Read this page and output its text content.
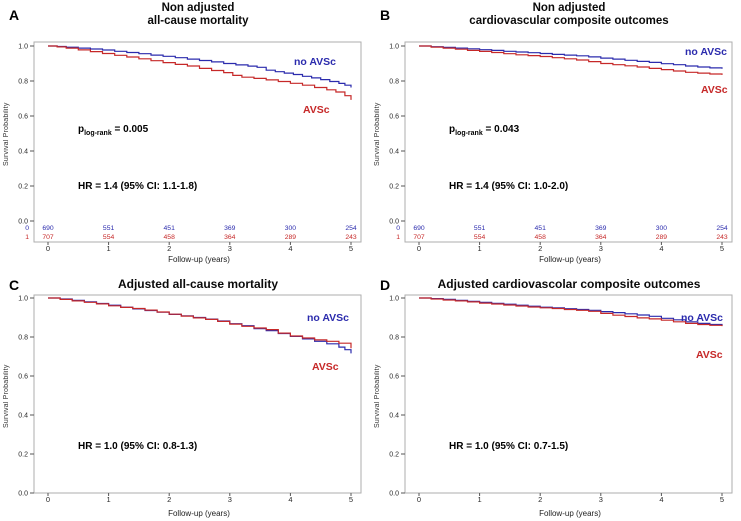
A	Non adjusted
all-cause mortality
Survival Probability
1.0
0.8
0.6
0.4
0.2
0.0
0	1	2	3	4	5
0 690	551	451	369	300	254
1 707	554	458	364	289	243
$p_{log-rank} = 0.005$
HR = 1.4 (95% CI: 1.1-1.8)
no AVSc
AVSc
Follow-up (years)
B	Non adjusted
cardiovascular composite outcomes
Survival Probability
1.0
0.8
0.6
0.4
0.2
0.0
0	1	2	3	4	5
0 690	551	451	369	300	254
1 707	554	458	364	289	243
$p_{log-rank} = 0.043$
HR = 1.4 (95% CI: 1.0-2.0)
no AVSc
AVSc
Follow-up (years)
C	Adjusted all-cause mortality
Survival Probability
1.0
0.8
0.6
0.4
0.2
0.0
0	1	2	3	4	5
HR = 1.0 (95% CI: 0.8-1.3)
no AVSc
AVSc
Follow-up (years)
D	Adjusted cardiovascolar composite outcomes
Survival Probability
1.0
0.8
0.6
0.4
0.2
0.0
0	1	2	3	4	5
HR = 1.0 (95% CI: 0.7-1.5)
no AVSc
AVSc
Follow-up (years)
